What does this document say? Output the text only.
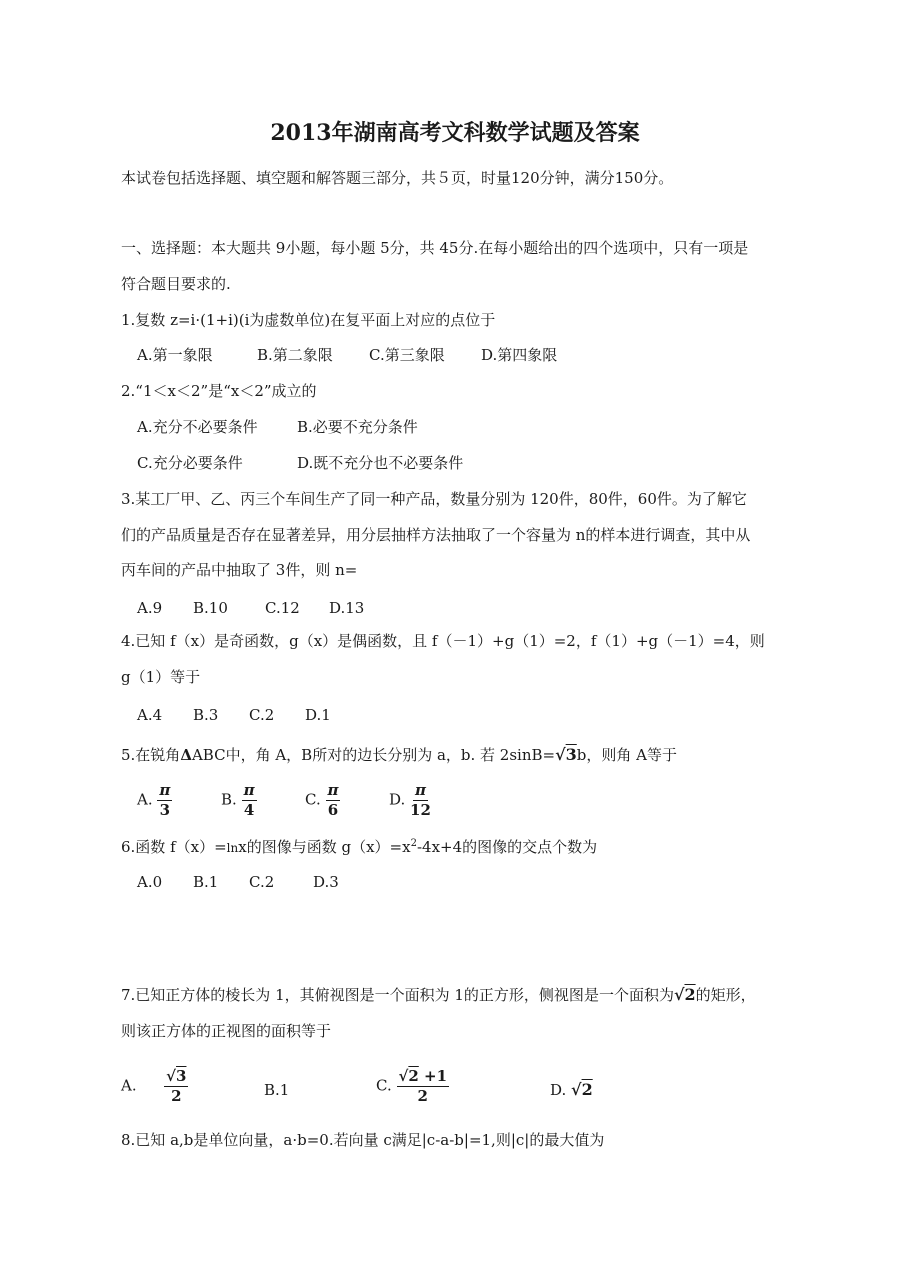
2013年湖南高考文科数学试题及答案
本试卷包括选择题、填空题和解答题三部分，共５页，时量120分钟，满分150分。
一、选择题：本大题共 9小题，每小题 5分，共 45分.在每小题给出的四个选项中，只有一项是
符合题目要求的.
1.复数 z=i·(1+i)(i为虚数单位)在复平面上对应的点位于
A.第一象限	B.第二象限 C.第三象限 D.第四象限
2.“1＜x＜2”是“x＜2”成立的
A.充分不必要条件	B.必要不充分条件
C.充分必要条件	D.既不充分也不必要条件
3.某工厂甲、乙、丙三个车间生产了同一种产品，数量分别为 120件，80件，60件。为了解它
们的产品质量是否存在显著差异，用分层抽样方法抽取了一个容量为 n的样本进行调查，其中从
丙车间的产品中抽取了 3件，则 n=
A.9 B.10 C.12 D.13
4.已知 f（x）是奇函数，g（x）是偶函数，且 f（－1）+g（1）=2，f（1）+g（－1）=4，则
g（1）等于
A.4 B.3 C.2 D.1
5.在锐角ΔABC中，角 A，B所对的边长分别为 a，b. 若 2sinB=√3b，则角 A等于
A. $\frac{\pi}{3}$	B. $\frac{\pi}{4}$	C. $\frac{\pi}{6}$	D. $\frac{\pi}{12}$
6.函数 f（x）=lnx的图像与函数 $g(x)=x^2-4x+4$的图像的交点个数为
A.0 B.1 C.2	D.3
7.已知正方体的棱长为 1，其俯视图是一个面积为 1的正方形，侧视图是一个面积为√2的矩形，
则该正方体的正视图的面积等于
A. $\frac{√3}{2}$	B.1	C. $\frac{√2 +1}{2}$	D. √2
8.已知 a,b是单位向量，a·b=0.若向量 c满足|c-a-b|=1,则|c|的最大值为
